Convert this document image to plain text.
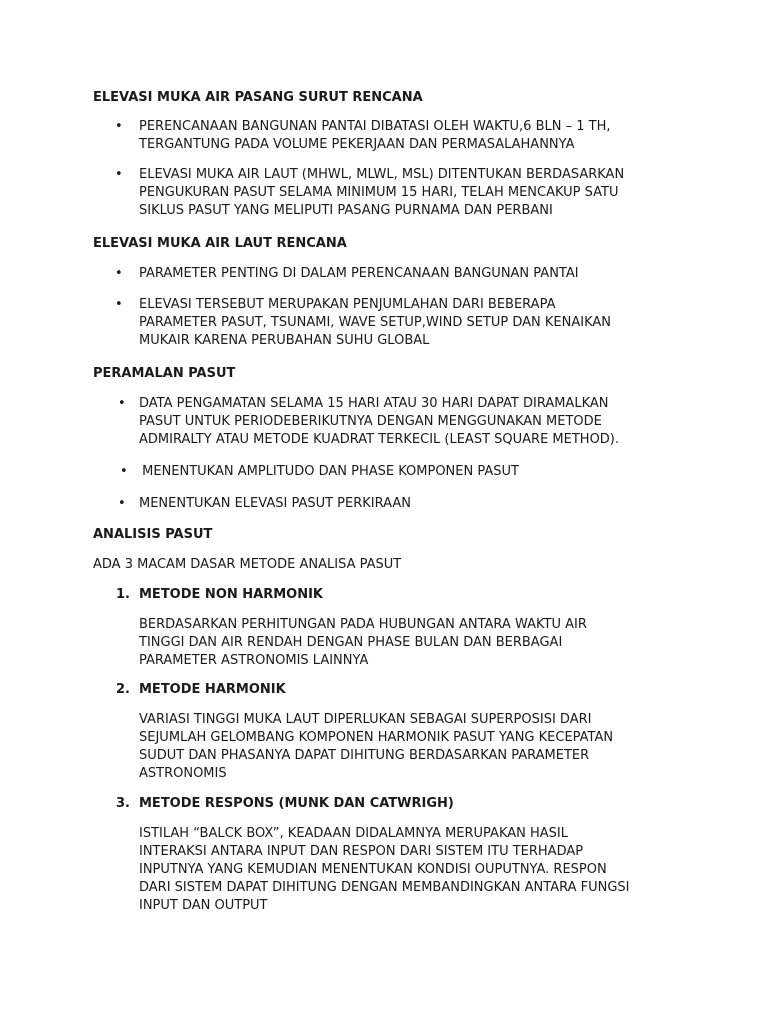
ELEVASI MUKA AIR PASANG SURUT RENCANA
• PERENCANAAN BANGUNAN PANTAI DIBATASI OLEH WAKTU,6 BLN – 1 TH,
TERGANTUNG PADA VOLUME PEKERJAAN DAN PERMASALAHANNYA
• ELEVASI MUKA AIR LAUT (MHWL, MLWL, MSL) DITENTUKAN BERDASARKAN
PENGUKURAN PASUT SELAMA MINIMUM 15 HARI, TELAH MENCAKUP SATU
SIKLUS PASUT YANG MELIPUTI PASANG PURNAMA DAN PERBANI
ELEVASI MUKA AIR LAUT RENCANA
• PARAMETER PENTING DI DALAM PERENCANAAN BANGUNAN PANTAI
• ELEVASI TERSEBUT MERUPAKAN PENJUMLAHAN DARI BEBERAPA
PARAMETER PASUT, TSUNAMI, WAVE SETUP,WIND SETUP DAN KENAIKAN
MUKAIR KARENA PERUBAHAN SUHU GLOBAL
PERAMALAN PASUT
• DATA PENGAMATAN SELAMA 15 HARI ATAU 30 HARI DAPAT DIRAMALKAN
PASUT UNTUK PERIODEBERIKUTNYA DENGAN MENGGUNAKAN METODE
ADMIRALTY ATAU METODE KUADRAT TERKECIL (LEAST SQUARE METHOD).
• MENENTUKAN AMPLITUDO DAN PHASE KOMPONEN PASUT
• MENENTUKAN ELEVASI PASUT PERKIRAAN
ANALISIS PASUT
ADA 3 MACAM DASAR METODE ANALISA PASUT
1. METODE NON HARMONIK
BERDASARKAN PERHITUNGAN PADA HUBUNGAN ANTARA WAKTU AIR
TINGGI DAN AIR RENDAH DENGAN PHASE BULAN DAN BERBAGAI
PARAMETER ASTRONOMIS LAINNYA
2. METODE HARMONIK
VARIASI TINGGI MUKA LAUT DIPERLUKAN SEBAGAI SUPERPOSISI DARI
SEJUMLAH GELOMBANG KOMPONEN HARMONIK PASUT YANG KECEPATAN
SUDUT DAN PHASANYA DAPAT DIHITUNG BERDASARKAN PARAMETER
ASTRONOMIS
3. METODE RESPONS (MUNK DAN CATWRIGH)
ISTILAH “BALCK BOX”, KEADAAN DIDALAMNYA MERUPAKAN HASIL
INTERAKSI ANTARA INPUT DAN RESPON DARI SISTEM ITU TERHADAP
INPUTNYA YANG KEMUDIAN MENENTUKAN KONDISI OUPUTNYA. RESPON
DARI SISTEM DAPAT DIHITUNG DENGAN MEMBANDINGKAN ANTARA FUNGSI
INPUT DAN OUTPUT
